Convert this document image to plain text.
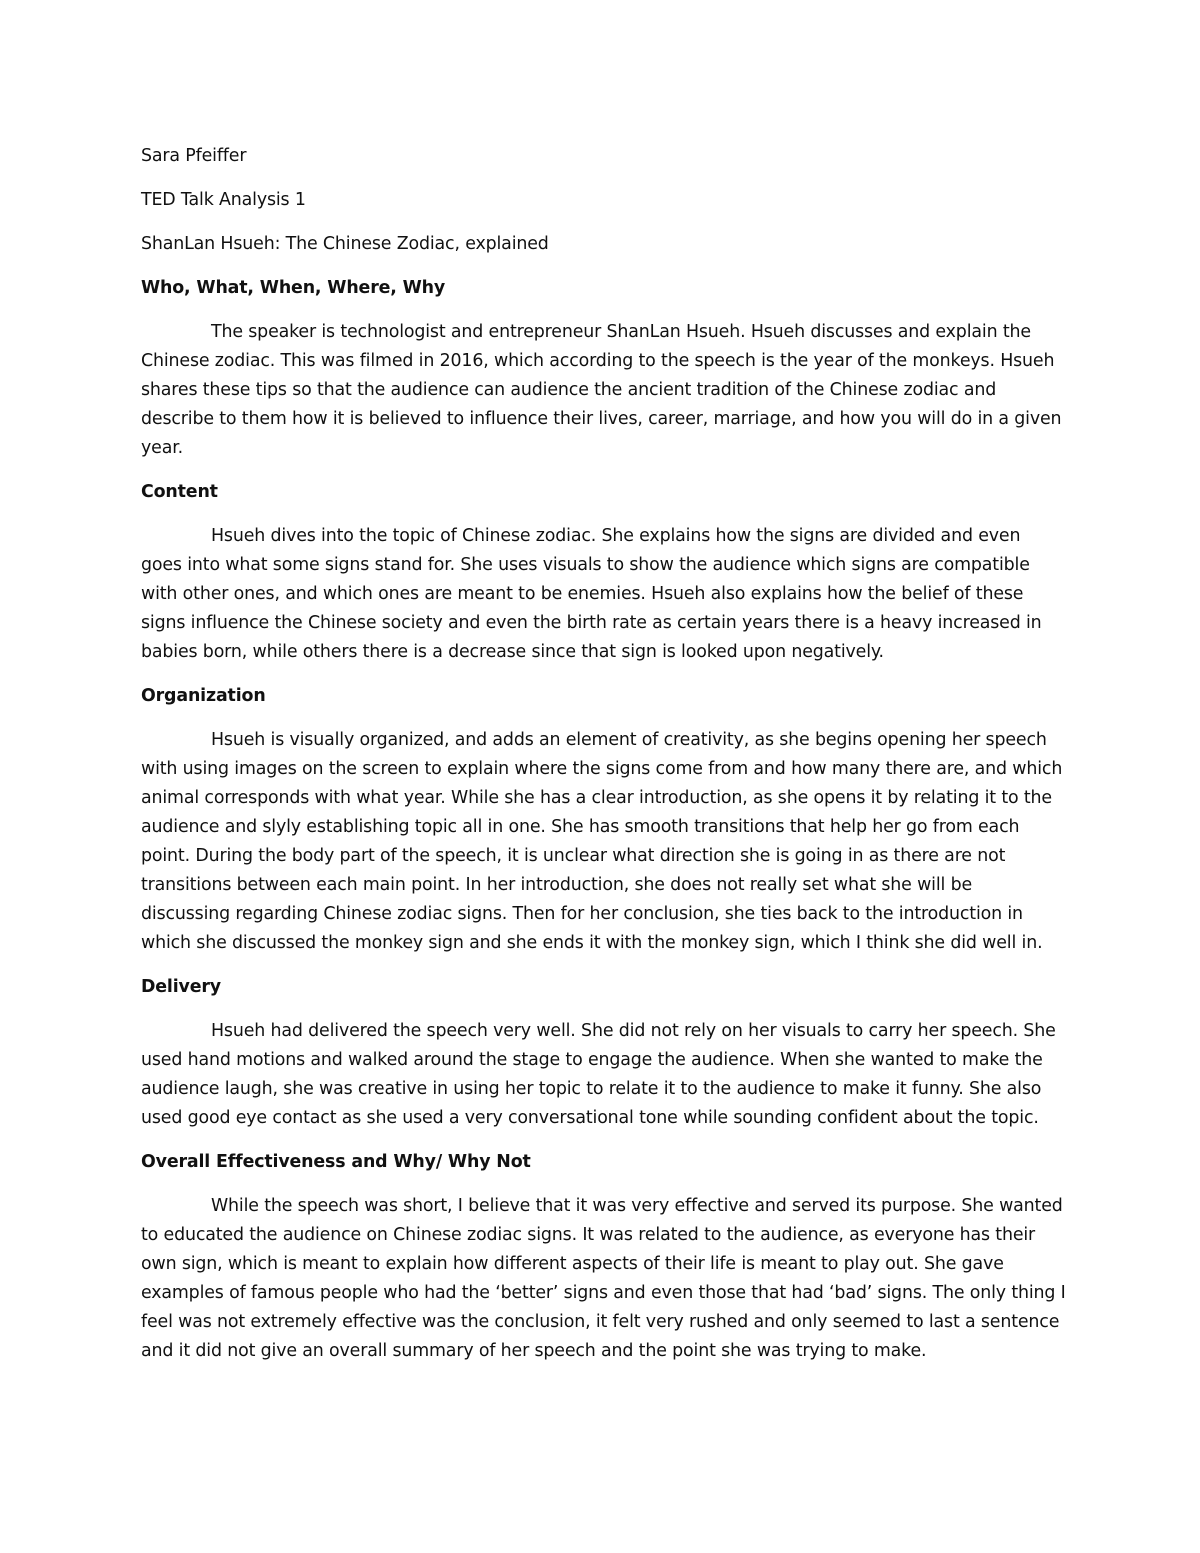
Sara Pfeiffer

TED Talk Analysis 1

ShanLan Hsueh: The Chinese Zodiac, explained

Who, What, When, Where, Why

The speaker is technologist and entrepreneur ShanLan Hsueh. Hsueh discusses and explain the Chinese zodiac. This was filmed in 2016, which according to the speech is the year of the monkeys. Hsueh shares these tips so that the audience can audience the ancient tradition of the Chinese zodiac and describe to them how it is believed to influence their lives, career, marriage, and how you will do in a given year.

Content

Hsueh dives into the topic of Chinese zodiac. She explains how the signs are divided and even goes into what some signs stand for. She uses visuals to show the audience which signs are compatible with other ones, and which ones are meant to be enemies. Hsueh also explains how the belief of these signs influence the Chinese society and even the birth rate as certain years there is a heavy increased in babies born, while others there is a decrease since that sign is looked upon negatively.

Organization

Hsueh is visually organized, and adds an element of creativity, as she begins opening her speech with using images on the screen to explain where the signs come from and how many there are, and which animal corresponds with what year. While she has a clear introduction, as she opens it by relating it to the audience and slyly establishing topic all in one. She has smooth transitions that help her go from each point. During the body part of the speech, it is unclear what direction she is going in as there are not transitions between each main point. In her introduction, she does not really set what she will be discussing regarding Chinese zodiac signs. Then for her conclusion, she ties back to the introduction in which she discussed the monkey sign and she ends it with the monkey sign, which I think she did well in.

Delivery

Hsueh had delivered the speech very well. She did not rely on her visuals to carry her speech. She used hand motions and walked around the stage to engage the audience. When she wanted to make the audience laugh, she was creative in using her topic to relate it to the audience to make it funny. She also used good eye contact as she used a very conversational tone while sounding confident about the topic.

Overall Effectiveness and Why/ Why Not

While the speech was short, I believe that it was very effective and served its purpose. She wanted to educated the audience on Chinese zodiac signs. It was related to the audience, as everyone has their own sign, which is meant to explain how different aspects of their life is meant to play out. She gave examples of famous people who had the ‘better’ signs and even those that had ‘bad’ signs. The only thing I feel was not extremely effective was the conclusion, it felt very rushed and only seemed to last a sentence and it did not give an overall summary of her speech and the point she was trying to make.
